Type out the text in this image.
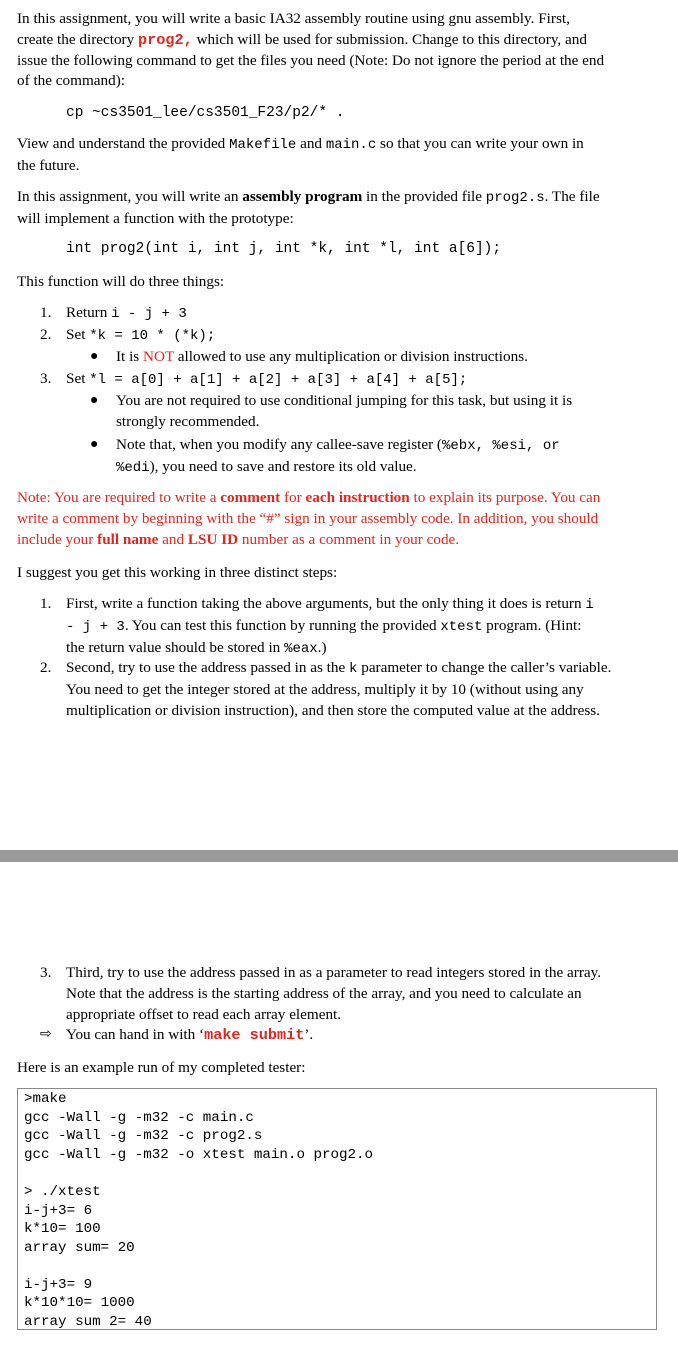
In this assignment, you will write a basic IA32 assembly routine using gnu assembly. First,

create the directory prog2, which will be used for submission. Change to this directory, and

issue the following command to get the files you need (Note: Do not ignore the period at the end

of the command):

cp ~cs3501_lee/cs3501_F23/p2/* .

View and understand the provided Makefile and main.c so that you can write your own in

the future.

In this assignment, you will write an assembly program in the provided file prog2.s. The file

will implement a function with the prototype:

int prog2(int i, int j, int *k, int *l, int a[6]);
This function will do three things:
1. Return i - j + 3
2. Set *k = 10 * (*k);
● It is NOT allowed to use any multiplication or division instructions.
3. Set *l = a[0] + a[1] + a[2] + a[3] + a[4] + a[5];
● You are not required to use conditional jumping for this task, but using it is

strongly recommended.

● Note that, when you modify any callee-save register (%ebx, %esi, or

%edi), you need to save and restore its old value.

Note: You are required to write a comment for each instruction to explain its purpose. You can

write a comment by beginning with the “#” sign in your assembly code. In addition, you should

include your full name and LSU ID number as a comment in your code.

I suggest you get this working in three distinct steps:
1. First, write a function taking the above arguments, but the only thing it does is return i

- j + 3. You can test this function by running the provided xtest program. (Hint:

the return value should be stored in %eax.)

2. Second, try to use the address passed in as the k parameter to change the caller’s variable.

You need to get the integer stored at the address, multiply it by 10 (without using any

multiplication or division instruction), and then store the computed value at the address.

3. Third, try to use the address passed in as a parameter to read integers stored in the array.

Note that the address is the starting address of the array, and you need to calculate an

appropriate offset to read each array element.

⇨ You can hand in with ‘make submit’.
Here is an example run of my completed tester:
>make
gcc -Wall -g -m32 -c main.c
gcc -Wall -g -m32 -c prog2.s
gcc -Wall -g -m32 -o xtest main.o prog2.o
> ./xtest
i-j+3= 6
k*10= 100
array sum= 20
i-j+3= 9
k*10*10= 1000
array sum 2= 40
